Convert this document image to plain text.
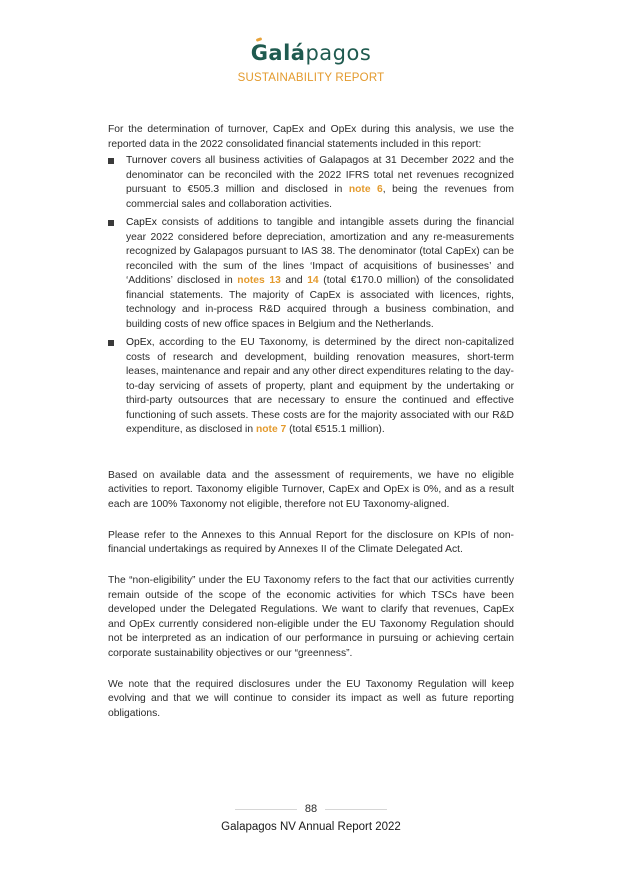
Galápagos
SUSTAINABILITY REPORT

For the determination of turnover, CapEx and OpEx during this analysis, we use the reported data in the 2022 consolidated financial statements included in this report:

Turnover covers all business activities of Galapagos at 31 December 2022 and the denominator can be reconciled with the 2022 IFRS total net revenues recognized pursuant to €505.3 million and disclosed in note 6, being the revenues from commercial sales and collaboration activities.
CapEx consists of additions to tangible and intangible assets during the financial year 2022 considered before depreciation, amortization and any re-measurements recognized by Galapagos pursuant to IAS 38. The denominator (total CapEx) can be reconciled with the sum of the lines ‘Impact of acquisitions of businesses’ and ‘Additions’ disclosed in notes 13 and 14 (total €170.0 million) of the consolidated financial statements. The majority of CapEx is associated with licences, rights, technology and in-process R&D acquired through a business combination, and building costs of new office spaces in Belgium and the Netherlands.
OpEx, according to the EU Taxonomy, is determined by the direct non-capitalized costs of research and development, building renovation measures, short-term leases, maintenance and repair and any other direct expenditures relating to the day-to-day servicing of assets of property, plant and equipment by the undertaking or third-party outsources that are necessary to ensure the continued and effective functioning of such assets. These costs are for the majority associated with our R&D expenditure, as disclosed in note 7 (total €515.1 million).

Based on available data and the assessment of requirements, we have no eligible activities to report. Taxonomy eligible Turnover, CapEx and OpEx is 0%, and as a result each are 100% Taxonomy not eligible, therefore not EU Taxonomy-aligned.

Please refer to the Annexes to this Annual Report for the disclosure on KPIs of non-financial undertakings as required by Annexes II of the Climate Delegated Act.

The “non-eligibility” under the EU Taxonomy refers to the fact that our activities currently remain outside of the scope of the economic activities for which TSCs have been developed under the Delegated Regulations. We want to clarify that revenues, CapEx and OpEx currently considered non-eligible under the EU Taxonomy Regulation should not be interpreted as an indication of our performance in pursuing or achieving certain corporate sustainability objectives or our “greenness”.

We note that the required disclosures under the EU Taxonomy Regulation will keep evolving and that we will continue to consider its impact as well as future reporting obligations.

88
Galapagos NV Annual Report 2022
